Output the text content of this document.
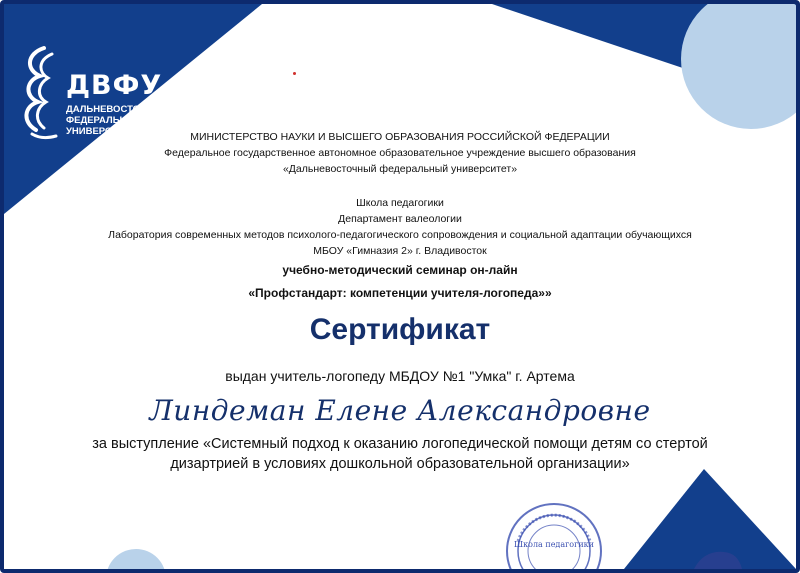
ДВФУ
ДАЛЬНЕВОСТОЧНЫЙ
ФЕДЕРАЛЬНЫЙ
УНИВЕРСИТЕТ	МИНИСТЕРСТВО НАУКИ И ВЫСШЕГО ОБРАЗОВАНИЯ РОССИЙСКОЙ ФЕДЕРАЦИИ
Федеральное государственное автономное образовательное учреждение высшего образования
«Дальневосточный федеральный университет»
Школа педагогики
Департамент валеологии
Лаборатория современных методов психолого-педагогического сопровождения и социальной адаптации обучающихся
МБОУ «Гимназия 2» г. Владивосток
учебно-методический семинар он-лайн
«Профстандарт: компетенции учителя-логопеда»»
Сертификат
выдан учитель-логопеду МБДОУ №1 "Умка" г. Артема
Линдеман Елене Александровне
за выступление «Системный подход к оказанию логопедической помощи детям со стертой
дизартрией в условиях дошкольной образовательной организации»
Школа педагогики
